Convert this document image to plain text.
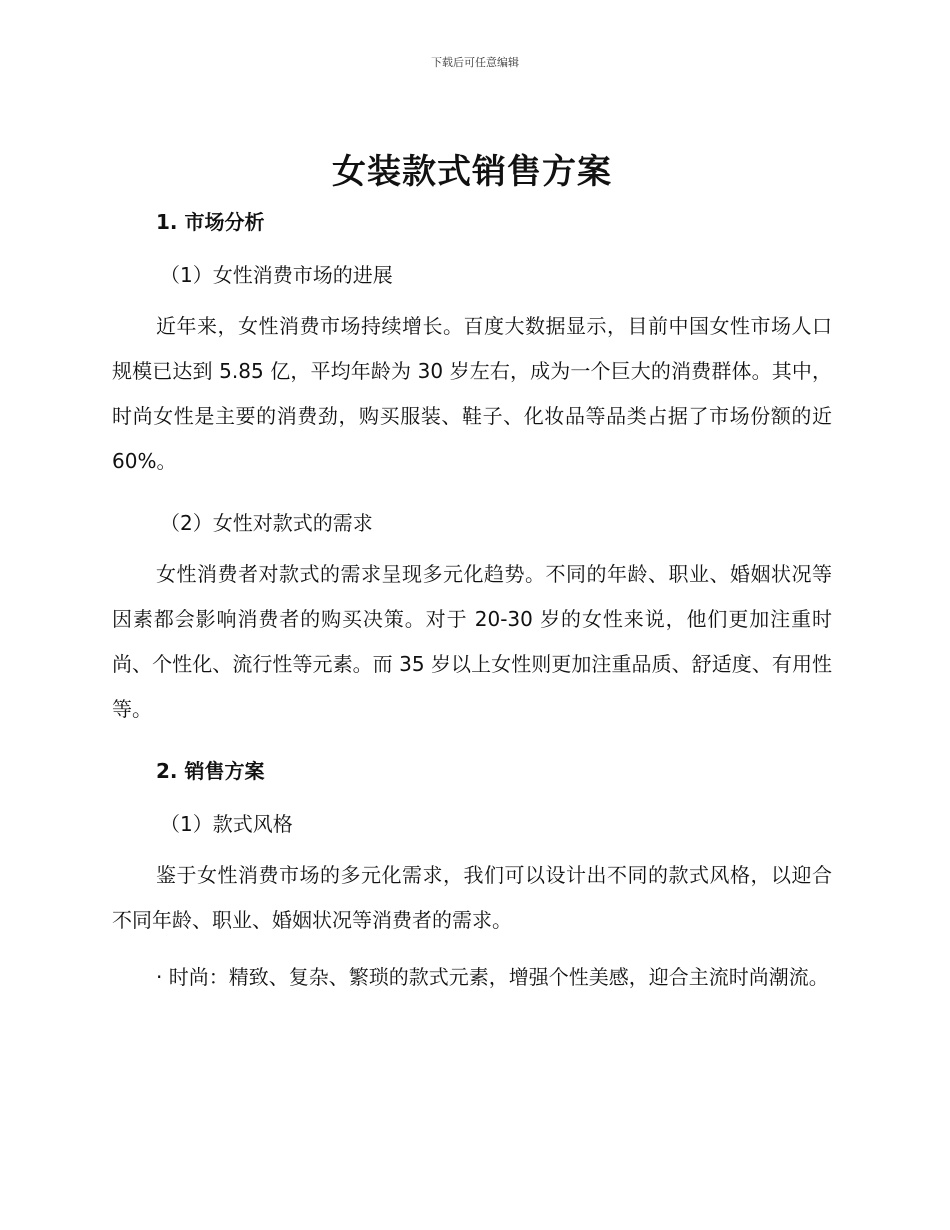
下载后可任意编辑
女装款式销售方案
1. 市场分析
（1）女性消费市场的进展

近年来，女性消费市场持续增长。百度大数据显示，目前中国女性市场人口规模已达到 5.85 亿，平均年龄为 30 岁左右，成为一个巨大的消费群体。其中，时尚女性是主要的消费劲，购买服装、鞋子、化妆品等品类占据了市场份额的近 60%。

（2）女性对款式的需求

女性消费者对款式的需求呈现多元化趋势。不同的年龄、职业、婚姻状况等因素都会影响消费者的购买决策。对于 20-30 岁的女性来说，他们更加注重时尚、个性化、流行性等元素。而 35 岁以上女性则更加注重品质、舒适度、有用性等。

2. 销售方案
（1）款式风格

鉴于女性消费市场的多元化需求，我们可以设计出不同的款式风格，以迎合不同年龄、职业、婚姻状况等消费者的需求。

· 时尚：精致、复杂、繁琐的款式元素，增强个性美感，迎合主流时尚潮流。
